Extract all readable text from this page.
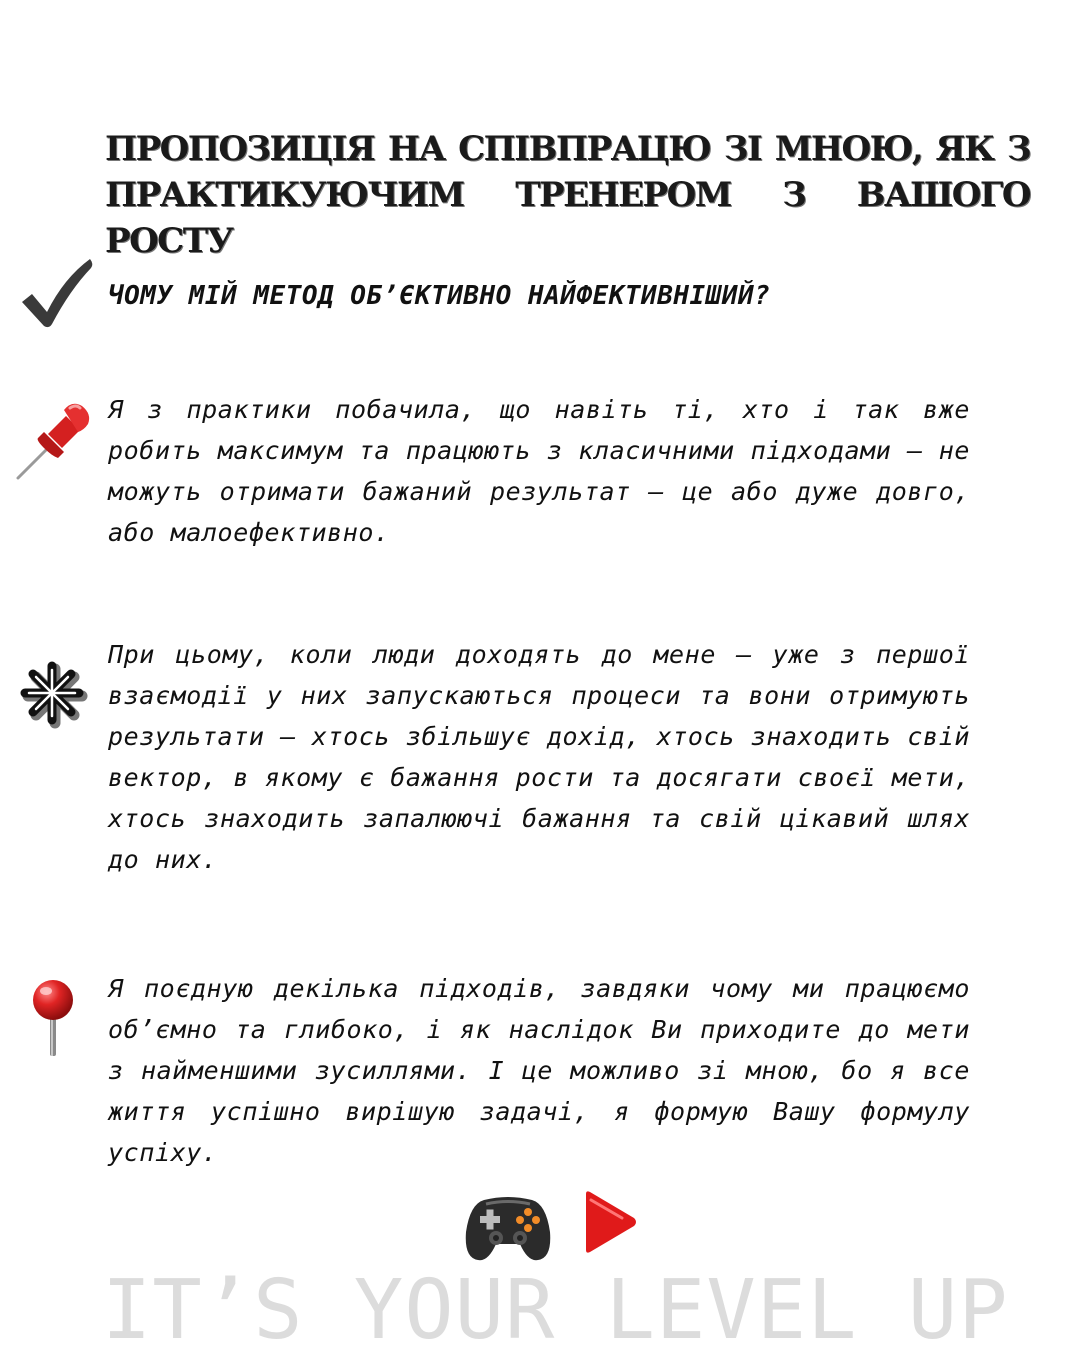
ПРОПОЗИЦІЯ НА СПІВПРАЦЮ ЗІ МНОЮ, ЯК З
ПРАКТИКУЮЧИМ ТРЕНЕРОМ З ВАШОГО РОСТУ

ЧОМУ МІЙ МЕТОД ОБ’ЄКТИВНО НАЙФЕКТИВНІШИЙ?

Я з практики побачила, що навіть ті, хто і так вже робить максимум та працюють з класичними підходами – не можуть отримати бажаний результат – це або дуже довго, або малоефективно.

При цьому, коли люди доходять до мене – уже з першої взаємодії у них запускаються процеси та вони отримують результати – хтось збільшує дохід, хтось знаходить свій вектор, в якому є бажання рости та досягати своєї мети, хтось знаходить запалюючі бажання та свій цікавий шлях до них.

Я поєдную декілька підходів, завдяки чому ми працюємо об’ємно та глибоко, і як наслідок Ви приходите до мети з найменшими зусиллями. І це можливо зі мною, бо я все життя успішно вирішую задачі, я формую Вашу формулу успіху.

IT’S YOUR LEVEL UP
